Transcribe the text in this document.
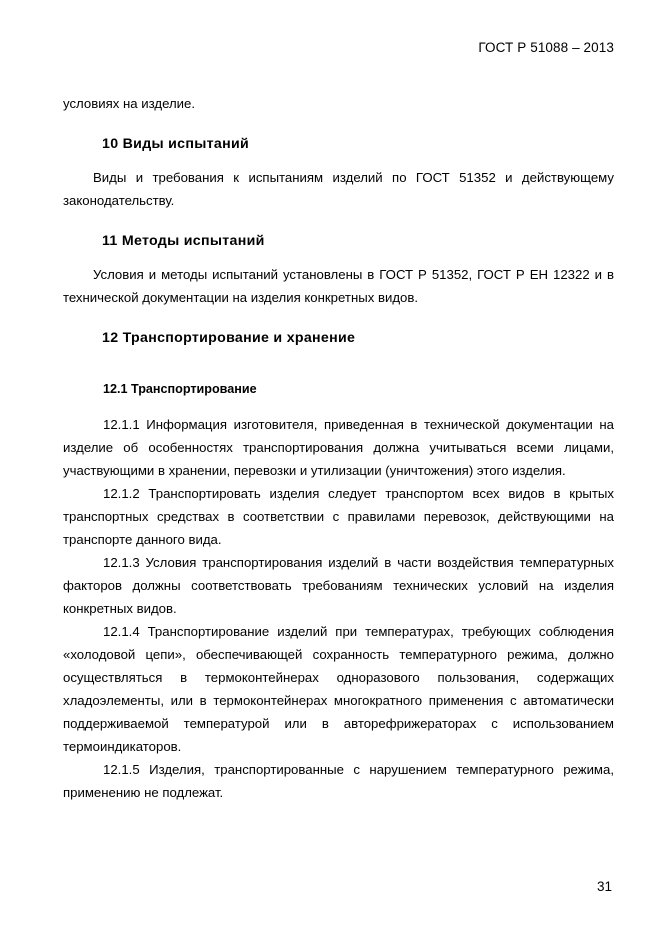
ГОСТ Р 51088 – 2013

условиях на изделие.

10 Виды испытаний

Виды и требования к испытаниям изделий по ГОСТ 51352 и действующему законодательству.

11 Методы испытаний

Условия и методы испытаний установлены в ГОСТ Р 51352, ГОСТ Р ЕН 12322 и в технической документации на изделия конкретных видов.

12 Транспортирование и хранение
12.1 Транспортирование

12.1.1 Информация изготовителя, приведенная в технической документации на изделие об особенностях транспортирования должна учитываться всеми лицами, участвующими в хранении, перевозки и утилизации (уничтожения) этого изделия.

12.1.2 Транспортировать изделия следует транспортом всех видов в крытых транспортных средствах в соответствии с правилами перевозок, действующими на транспорте данного вида.

12.1.3 Условия транспортирования изделий в части воздействия температурных факторов должны соответствовать требованиям технических условий на изделия конкретных видов.

12.1.4 Транспортирование изделий при температурах, требующих соблюдения «холодовой цепи», обеспечивающей сохранность температурного режима, должно осуществляться в термоконтейнерах одноразового пользования, содержащих хладоэлементы, или в термоконтейнерах многократного применения с автоматически поддерживаемой температурой или в авторефрижераторах с использованием термоиндикаторов.

12.1.5 Изделия, транспортированные с нарушением температурного режима, применению не подлежат.

31
